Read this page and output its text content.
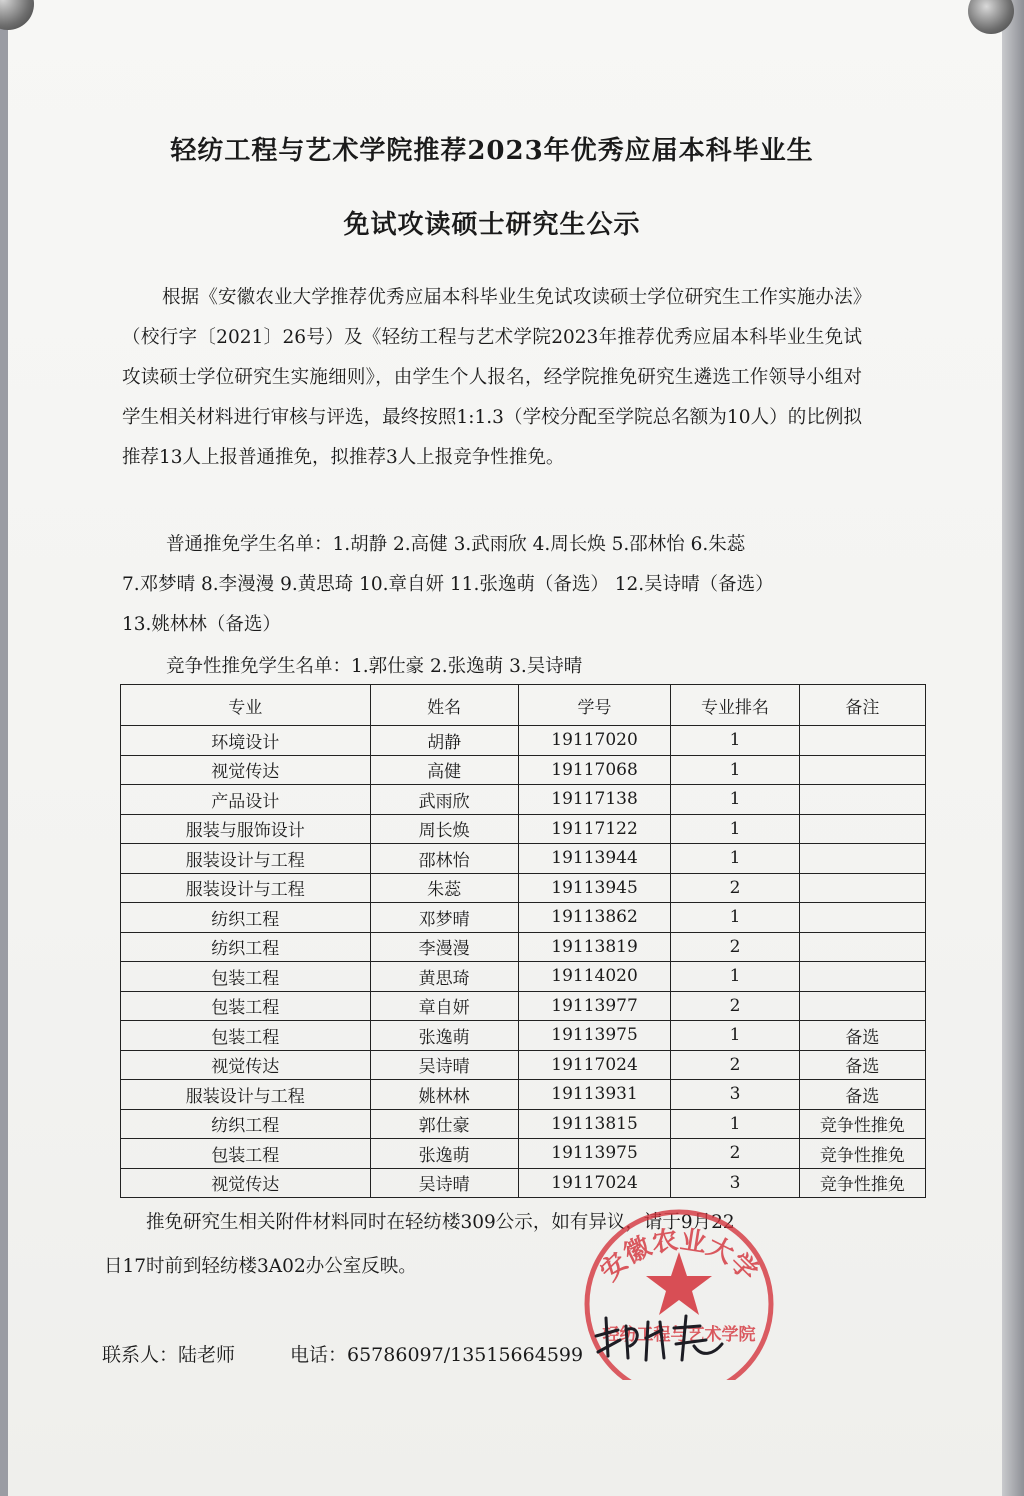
轻纺工程与艺术学院推荐2023年优秀应届本科毕业生
免试攻读硕士研究生公示
根据《安徽农业大学推荐优秀应届本科毕业生免试攻读硕士学位研究生工作实施办法》（校行字〔2021〕26号）及《轻纺工程与艺术学院2023年推荐优秀应届本科毕业生免试攻读硕士学位研究生实施细则》，由学生个人报名，经学院推免研究生遴选工作领导小组对学生相关材料进行审核与评选，最终按照1:1.3（学校分配至学院总名额为10人）的比例拟推荐13人上报普通推免，拟推荐3人上报竞争性推免。
普通推免学生名单：1.胡静 2.高健 3.武雨欣 4.周长焕 5.邵林怡 6.朱蕊
7.邓梦晴 8.李漫漫 9.黄思琦 10.章自妍 11.张逸萌（备选） 12.吴诗晴（备选）
13.姚林林（备选）
竞争性推免学生名单：1.郭仕豪 2.张逸萌 3.吴诗晴
专业	姓名	学号	专业排名	备注
环境设计	胡静	19117020	1	
视觉传达	高健	19117068	1	
产品设计	武雨欣	19117138	1	
服装与服饰设计	周长焕	19117122	1	
服装设计与工程	邵林怡	19113944	1	
服装设计与工程	朱蕊	19113945	2	
纺织工程	邓梦晴	19113862	1	
纺织工程	李漫漫	19113819	2	
包装工程	黄思琦	19114020	1	
包装工程	章自妍	19113977	2	
包装工程	张逸萌	19113975	1	备选
视觉传达	吴诗晴	19117024	2	备选
服装设计与工程	姚林林	19113931	3	备选
纺织工程	郭仕豪	19113815	1	竞争性推免
包装工程	张逸萌	19113975	2	竞争性推免
视觉传达	吴诗晴	19117024	3	竞争性推免
推免研究生相关附件材料同时在轻纺楼309公示，如有异议，请于9月22
日17时前到轻纺楼3A02办公室反映。
联系人：陆老师	电话：65786097/13515664599
安徽农业大学
轻纺工程与艺术学院
